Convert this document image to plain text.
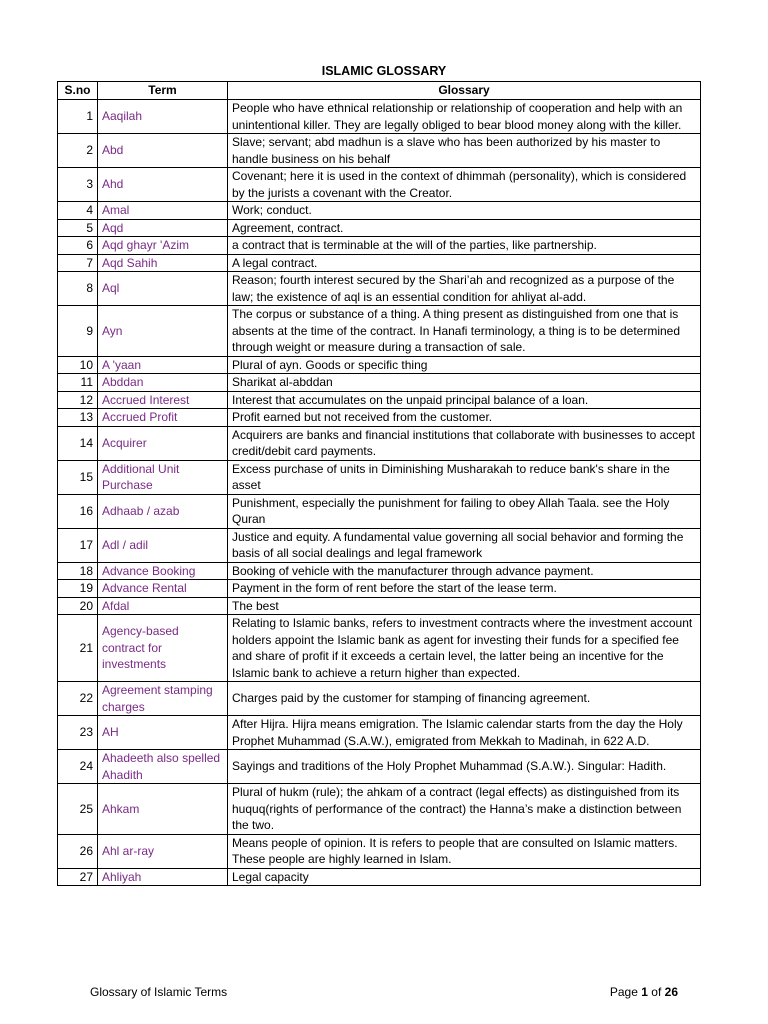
ISLAMIC GLOSSARY
S.no	Term	Glossary
1	Aaqilah	People who have ethnical relationship or relationship of cooperation and help with an unintentional killer. They are legally obliged to bear blood money along with the killer.
2	Abd	Slave; servant; abd madhun is a slave who has been authorized by his master to handle business on his behalf
3	Ahd	Covenant; here it is used in the context of dhimmah (personality), which is considered by the jurists a covenant with the Creator.
4	Amal	Work; conduct.
5	Aqd	Agreement, contract.
6	Aqd ghayr 'Azim	a contract that is terminable at the will of the parties, like partnership.
7	Aqd Sahih	A legal contract.
8	Aql	Reason; fourth interest secured by the Shari’ah and recognized as a purpose of the law; the existence of aql is an essential condition for ahliyat al-add.
9	Ayn	The corpus or substance of a thing. A thing present as distinguished from one that is absents at the time of the contract. In Hanafi terminology, a thing is to be determined through weight or measure during a transaction of sale.
10	A 'yaan	Plural of ayn. Goods or specific thing
11	Abddan	Sharikat al-abddan
12	Accrued Interest	Interest that accumulates on the unpaid principal balance of a loan.
13	Accrued Profit	Profit earned but not received from the customer.
14	Acquirer	Acquirers are banks and financial institutions that collaborate with businesses to accept credit/debit card payments.
15	Additional Unit Purchase	Excess purchase of units in Diminishing Musharakah to reduce bank's share in the asset
16	Adhaab / azab	Punishment, especially the punishment for failing to obey Allah Taala. see the Holy Quran
17	Adl / adil	Justice and equity. A fundamental value governing all social behavior and forming the basis of all social dealings and legal framework
18	Advance Booking	Booking of vehicle with the manufacturer through advance payment.
19	Advance Rental	Payment in the form of rent before the start of the lease term.
20	Afdal	The best
21	Agency-based contract for investments	Relating to Islamic banks, refers to investment contracts where the investment account holders appoint the Islamic bank as agent for investing their funds for a specified fee and share of profit if it exceeds a certain level, the latter being an incentive for the Islamic bank to achieve a return higher than expected.
22	Agreement stamping charges	Charges paid by the customer for stamping of financing agreement.
23	AH	After Hijra. Hijra means emigration. The Islamic calendar starts from the day the Holy Prophet Muhammad (S.A.W.), emigrated from Mekkah to Madinah, in 622 A.D.
24	Ahadeeth also spelled Ahadith	Sayings and traditions of the Holy Prophet Muhammad (S.A.W.). Singular: Hadith.
25	Ahkam	Plural of hukm (rule); the ahkam of a contract (legal effects) as distinguished from its huquq(rights of performance of the contract) the Hanna’s make a distinction between the two.
26	Ahl ar-ray	Means people of opinion. It is refers to people that are consulted on Islamic matters. These people are highly learned in Islam.
27	Ahliyah	Legal capacity
Glossary of Islamic Terms	Page 1 of 26
